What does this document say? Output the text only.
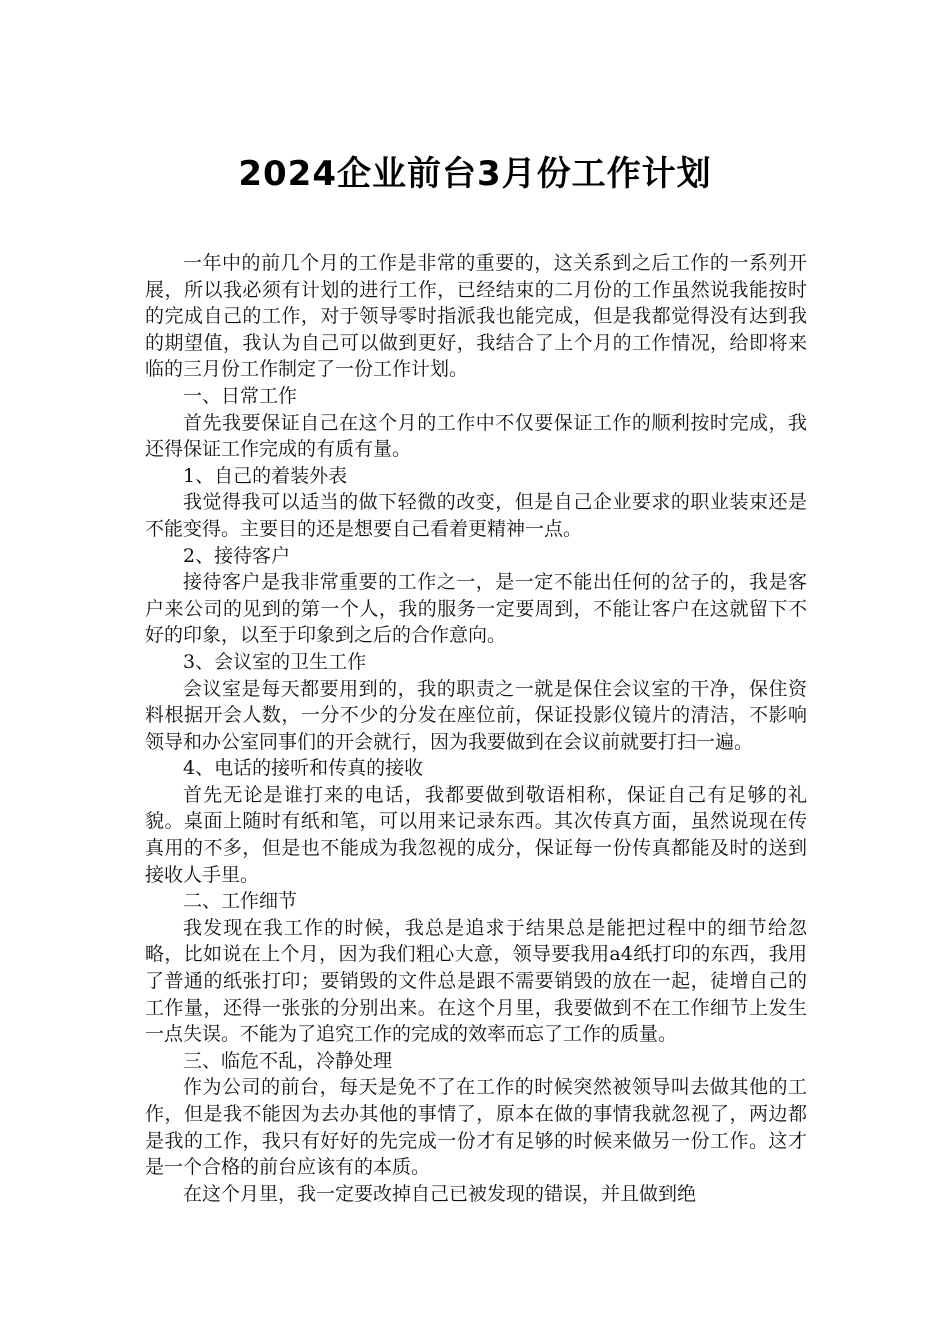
2024企业前台3月份工作计划

一年中的前几个月的工作是非常的重要的，这关系到之后工作的一系列开展，所以我必须有计划的进行工作，已经结束的二月份的工作虽然说我能按时的完成自己的工作，对于领导零时指派我也能完成，但是我都觉得没有达到我的期望值，我认为自己可以做到更好，我结合了上个月的工作情况，给即将来临的三月份工作制定了一份工作计划。

一、日常工作

首先我要保证自己在这个月的工作中不仅要保证工作的顺利按时完成，我还得保证工作完成的有质有量。

1、自己的着装外表

我觉得我可以适当的做下轻微的改变，但是自己企业要求的职业装束还是不能变得。主要目的还是想要自己看着更精神一点。

2、接待客户

接待客户是我非常重要的工作之一，是一定不能出任何的岔子的，我是客户来公司的见到的第一个人，我的服务一定要周到，不能让客户在这就留下不好的印象，以至于印象到之后的合作意向。

3、会议室的卫生工作

会议室是每天都要用到的，我的职责之一就是保住会议室的干净，保住资料根据开会人数，一分不少的分发在座位前，保证投影仪镜片的清洁，不影响领导和办公室同事们的开会就行，因为我要做到在会议前就要打扫一遍。

4、电话的接听和传真的接收

首先无论是谁打来的电话，我都要做到敬语相称，保证自己有足够的礼貌。桌面上随时有纸和笔，可以用来记录东西。其次传真方面，虽然说现在传真用的不多，但是也不能成为我忽视的成分，保证每一份传真都能及时的送到接收人手里。

二、工作细节

我发现在我工作的时候，我总是追求于结果总是能把过程中的细节给忽略，比如说在上个月，因为我们粗心大意，领导要我用a4纸打印的东西，我用了普通的纸张打印；要销毁的文件总是跟不需要销毁的放在一起，徒增自己的工作量，还得一张张的分别出来。在这个月里，我要做到不在工作细节上发生一点失误。不能为了追究工作的完成的效率而忘了工作的质量。

三、临危不乱，冷静处理

作为公司的前台，每天是免不了在工作的时候突然被领导叫去做其他的工作，但是我不能因为去办其他的事情了，原本在做的事情我就忽视了，两边都是我的工作，我只有好好的先完成一份才有足够的时候来做另一份工作。这才是一个合格的前台应该有的本质。

在这个月里，我一定要改掉自己已被发现的错误，并且做到绝
